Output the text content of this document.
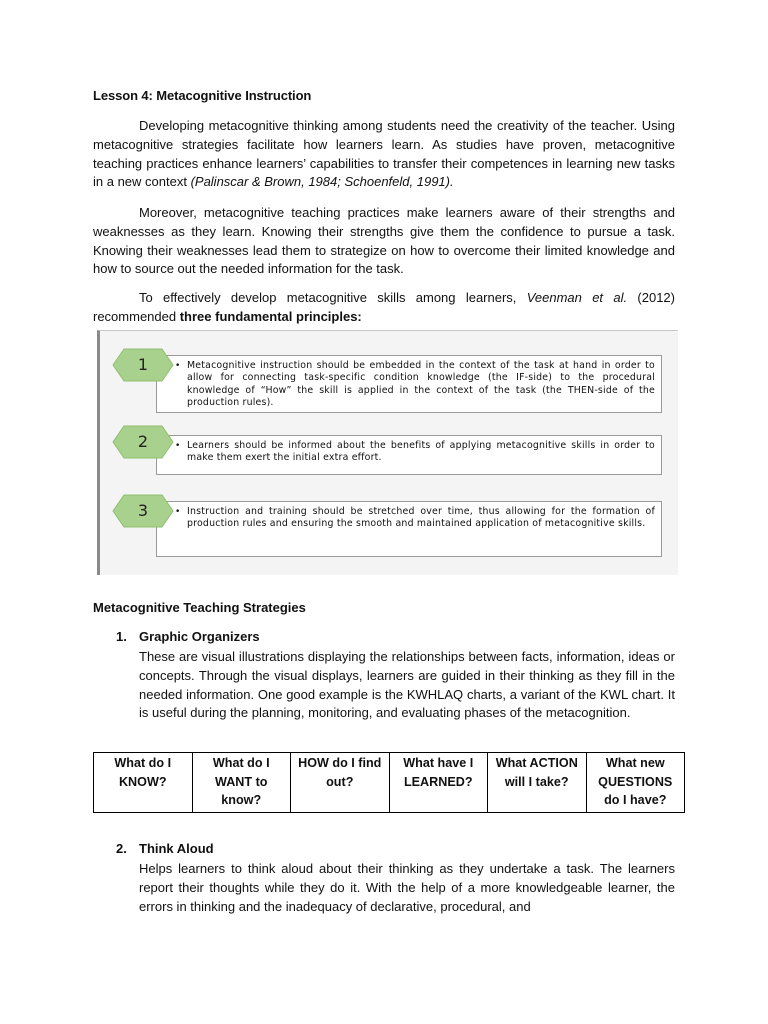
Lesson 4: Metacognitive Instruction

Developing metacognitive thinking among students need the creativity of the teacher. Using metacognitive strategies facilitate how learners learn. As studies have proven, metacognitive teaching practices enhance learners’ capabilities to transfer their competences in learning new tasks in a new context (Palinscar & Brown, 1984; Schoenfeld, 1991).

Moreover, metacognitive teaching practices make learners aware of their strengths and weaknesses as they learn. Knowing their strengths give them the confidence to pursue a task. Knowing their weaknesses lead them to strategize on how to overcome their limited knowledge and how to source out the needed information for the task.

To effectively develop metacognitive skills among learners, Veenman et al. (2012) recommended three fundamental principles:

• Metacognitive instruction should be embedded in the context of the task at hand in order to allow for connecting task-specific condition knowledge (the IF-side) to the procedural knowledge of “How” the skill is applied in the context of the task (the THEN-side of the production rules).
1
• Learners should be informed about the benefits of applying metacognitive skills in order to make them exert the initial extra effort.
2
• Instruction and training should be stretched over time, thus allowing for the formation of production rules and ensuring the smooth and maintained application of metacognitive skills.
3
Metacognitive Teaching Strategies
1. Graphic Organizers

These are visual illustrations displaying the relationships between facts, information, ideas or concepts. Through the visual displays, learners are guided in their thinking as they fill in the needed information. One good example is the KWHLAQ charts, a variant of the KWL chart. It is useful during the planning, monitoring, and evaluating phases of the metacognition.

What do I KNOW?	What do I WANT to know?	HOW do I find out?	What have I LEARNED?	What ACTION will I take?	What new QUESTIONS do I have?
2. Think Aloud

Helps learners to think aloud about their thinking as they undertake a task. The learners report their thoughts while they do it. With the help of a more knowledgeable learner, the errors in thinking and the inadequacy of declarative, procedural, and
